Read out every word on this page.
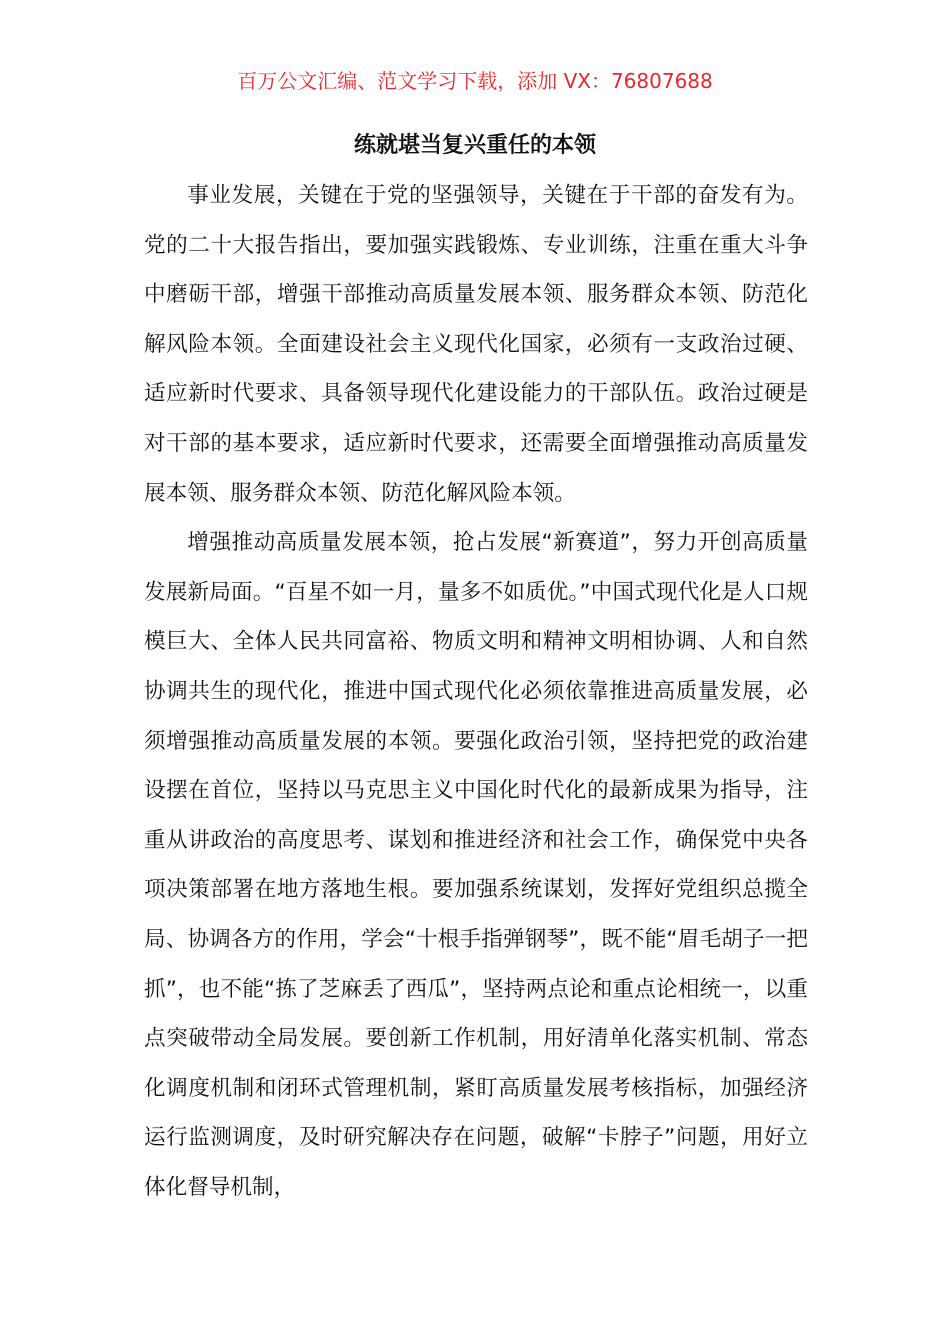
百万公文汇编、范文学习下载，添加 VX：76807688
练就堪当复兴重任的本领

事业发展，关键在于党的坚强领导，关键在于干部的奋发有为。党的二十大报告指出，要加强实践锻炼、专业训练，注重在重大斗争中磨砺干部，增强干部推动高质量发展本领、服务群众本领、防范化解风险本领。全面建设社会主义现代化国家，必须有一支政治过硬、适应新时代要求、具备领导现代化建设能力的干部队伍。政治过硬是对干部的基本要求，适应新时代要求，还需要全面增强推动高质量发展本领、服务群众本领、防范化解风险本领。

增强推动高质量发展本领，抢占发展“新赛道”，努力开创高质量发展新局面。“百星不如一月，量多不如质优。”中国式现代化是人口规模巨大、全体人民共同富裕、物质文明和精神文明相协调、人和自然协调共生的现代化，推进中国式现代化必须依靠推进高质量发展，必须增强推动高质量发展的本领。要强化政治引领，坚持把党的政治建设摆在首位，坚持以马克思主义中国化时代化的最新成果为指导，注重从讲政治的高度思考、谋划和推进经济和社会工作，确保党中央各项决策部署在地方落地生根。要加强系统谋划，发挥好党组织总揽全局、协调各方的作用，学会“十根手指弹钢琴”，既不能“眉毛胡子一把抓”，也不能“拣了芝麻丢了西瓜”，坚持两点论和重点论相统一，以重点突破带动全局发展。要创新工作机制，用好清单化落实机制、常态化调度机制和闭环式管理机制，紧盯高质量发展考核指标，加强经济运行监测调度，及时研究解决存在问题，破解“卡脖子”问题，用好立体化督导机制，
